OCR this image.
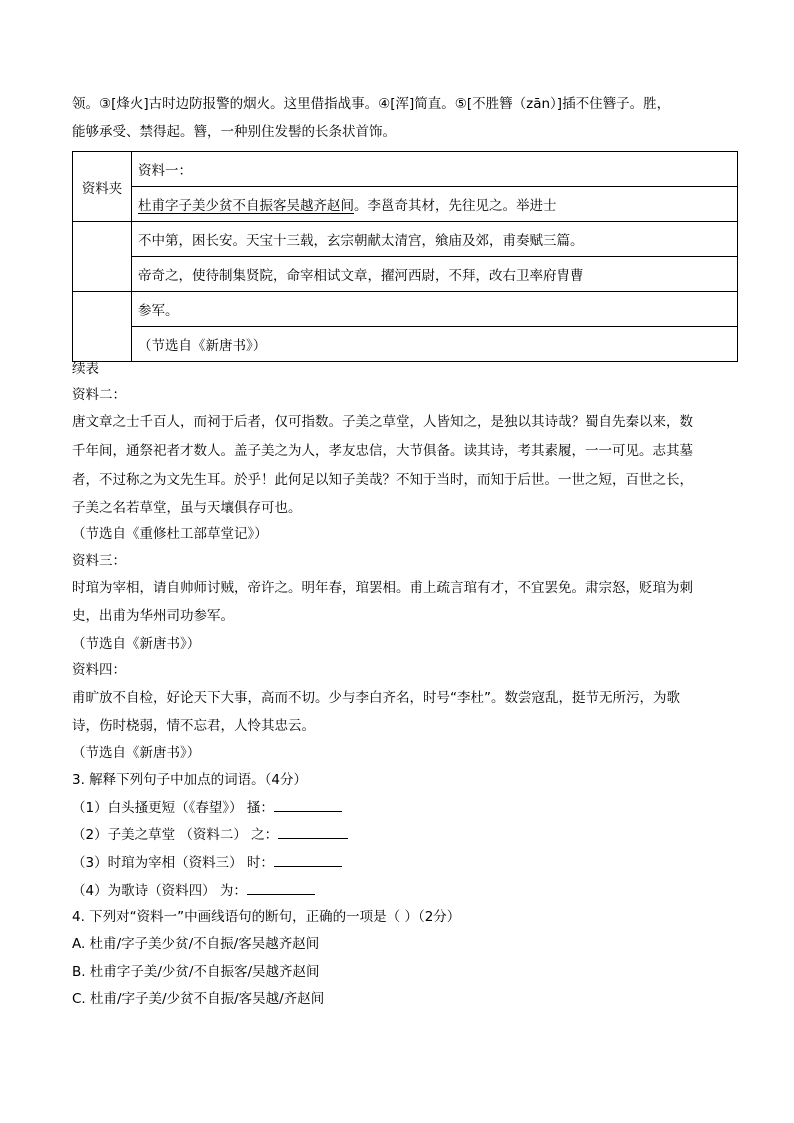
领。③[烽火]古时边防报警的烟火。这里借指战事。④[浑]简直。⑤[不胜簪（zān）]插不住簪子。胜，
能够承受、禁得起。簪，一种别住发髻的长条状首饰。
资料夹	资料一：
	杜甫字子美少贫不自振客吴越齐赵间。李邕奇其材，先往见之。举进士
	不中第，困长安。天宝十三载，玄宗朝献太清宫，飨庙及郊，甫奏赋三篇。
	帝奇之，使待制集贤院，命宰相试文章，擢河西尉，不拜，改右卫率府胄曹
	参军。
	（节选自《新唐书》）
续表
资料二：
唐文章之士千百人，而祠于后者，仅可指数。子美之草堂，人皆知之，是独以其诗哉？蜀自先秦以来，数
千年间，通祭祀者才数人。盖子美之为人，孝友忠信，大节俱备。读其诗，考其素履，一一可见。志其墓
者，不过称之为文先生耳。於乎！此何足以知子美哉？不知于当时，而知于后世。一世之短，百世之长，
子美之名若草堂，虽与天壤俱存可也。
（节选自《重修杜工部草堂记》）
资料三：
时琯为宰相，请自帅师讨贼，帝许之。明年春，琯罢相。甫上疏言琯有才，不宜罢免。肃宗怒，贬琯为刺
史，出甫为华州司功参军。
（节选自《新唐书》）
资料四：
甫旷放不自检，好论天下大事，高而不切。少与李白齐名，时号“李杜”。数尝寇乱，挺节无所污，为歌
诗，伤时桡弱，情不忘君，人怜其忠云。
（节选自《新唐书》）
3. 解释下列句子中加点的词语。（4分）
（1）白头搔更短（《春望》） 搔：
（2）子美之草堂 （资料二） 之：
（3）时琯为宰相（资料三） 时：
（4）为歌诗（资料四） 为：
4. 下列对“资料一”中画线语句的断句，正确的一项是（ ）（2分）
A. 杜甫/字子美少贫/不自振/客吴越齐赵间
B. 杜甫字子美/少贫/不自振客/吴越齐赵间
C. 杜甫/字子美/少贫不自振/客吴越/齐赵间
